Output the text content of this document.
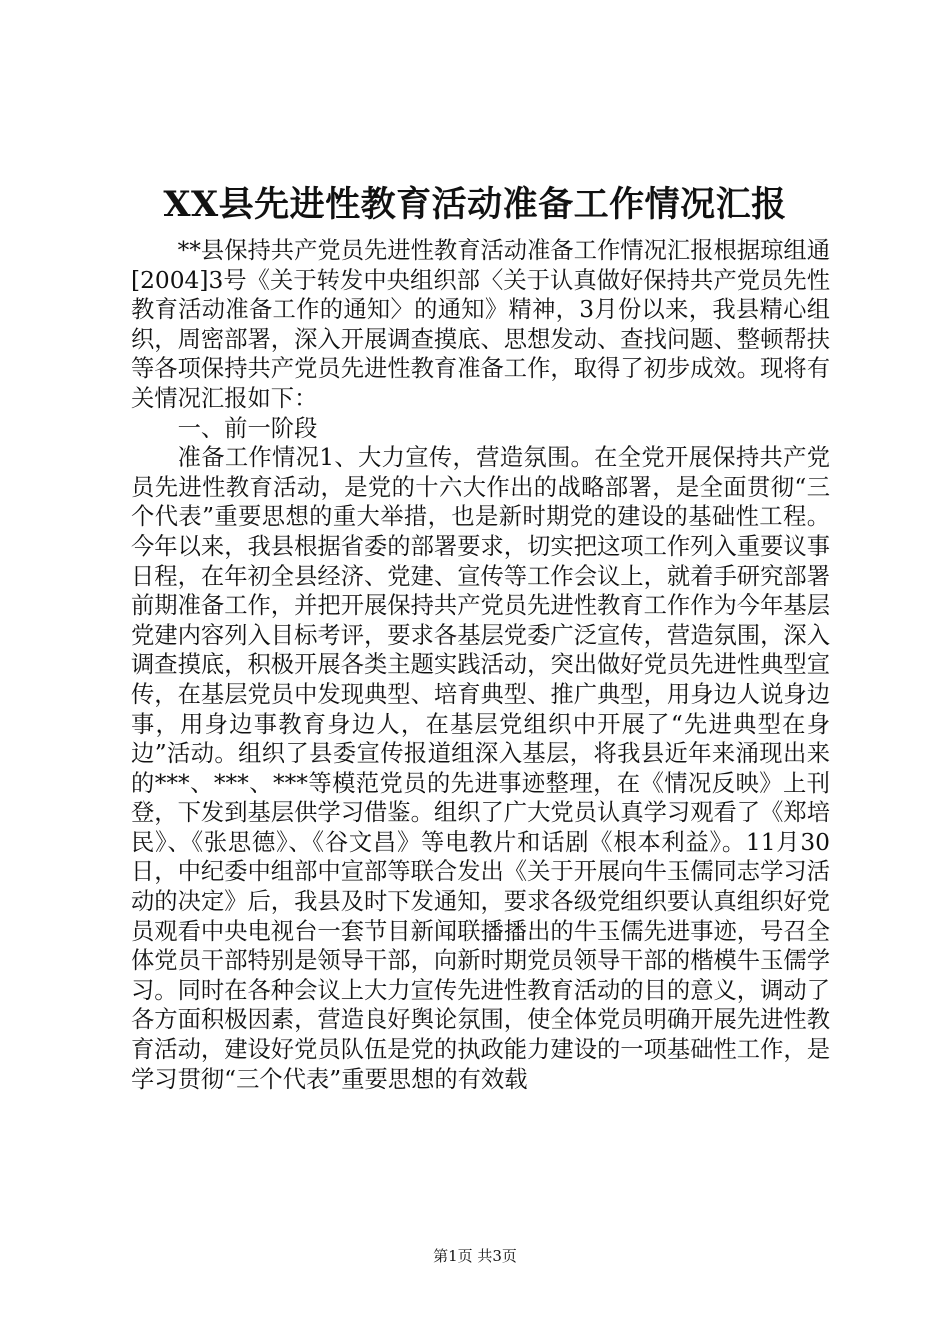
XX县先进性教育活动准备工作情况汇报

**县保持共产党员先进性教育活动准备工作情况汇报根据琼组通[2004]3号《关于转发中央组织部〈关于认真做好保持共产党员先性教育活动准备工作的通知〉的通知》精神，3月份以来，我县精心组织，周密部署，深入开展调查摸底、思想发动、查找问题、整顿帮扶等各项保持共产党员先进性教育准备工作，取得了初步成效。现将有关情况汇报如下：

一、前一阶段

准备工作情况1、大力宣传，营造氛围。在全党开展保持共产党员先进性教育活动，是党的十六大作出的战略部署，是全面贯彻“三个代表”重要思想的重大举措，也是新时期党的建设的基础性工程。今年以来，我县根据省委的部署要求，切实把这项工作列入重要议事日程，在年初全县经济、党建、宣传等工作会议上，就着手研究部署前期准备工作，并把开展保持共产党员先进性教育工作作为今年基层党建内容列入目标考评，要求各基层党委广泛宣传，营造氛围，深入调查摸底，积极开展各类主题实践活动，突出做好党员先进性典型宣传，在基层党员中发现典型、培育典型、推广典型，用身边人说身边事，用身边事教育身边人，在基层党组织中开展了“先进典型在身边”活动。组织了县委宣传报道组深入基层，将我县近年来涌现出来的***、***、***等模范党员的先进事迹整理，在《情况反映》上刊登，下发到基层供学习借鉴。组织了广大党员认真学习观看了《郑培民》、《张思德》、《谷文昌》等电教片和话剧《根本利益》。11月30日，中纪委中组部中宣部等联合发出《关于开展向牛玉儒同志学习活动的决定》后，我县及时下发通知，要求各级党组织要认真组织好党员观看中央电视台一套节目新闻联播播出的牛玉儒先进事迹，号召全体党员干部特别是领导干部，向新时期党员领导干部的楷模牛玉儒学习。同时在各种会议上大力宣传先进性教育活动的目的意义，调动了各方面积极因素，营造良好舆论氛围，使全体党员明确开展先进性教育活动，建设好党员队伍是党的执政能力建设的一项基础性工作，是学习贯彻“三个代表”重要思想的有效载

第1页 共3页
